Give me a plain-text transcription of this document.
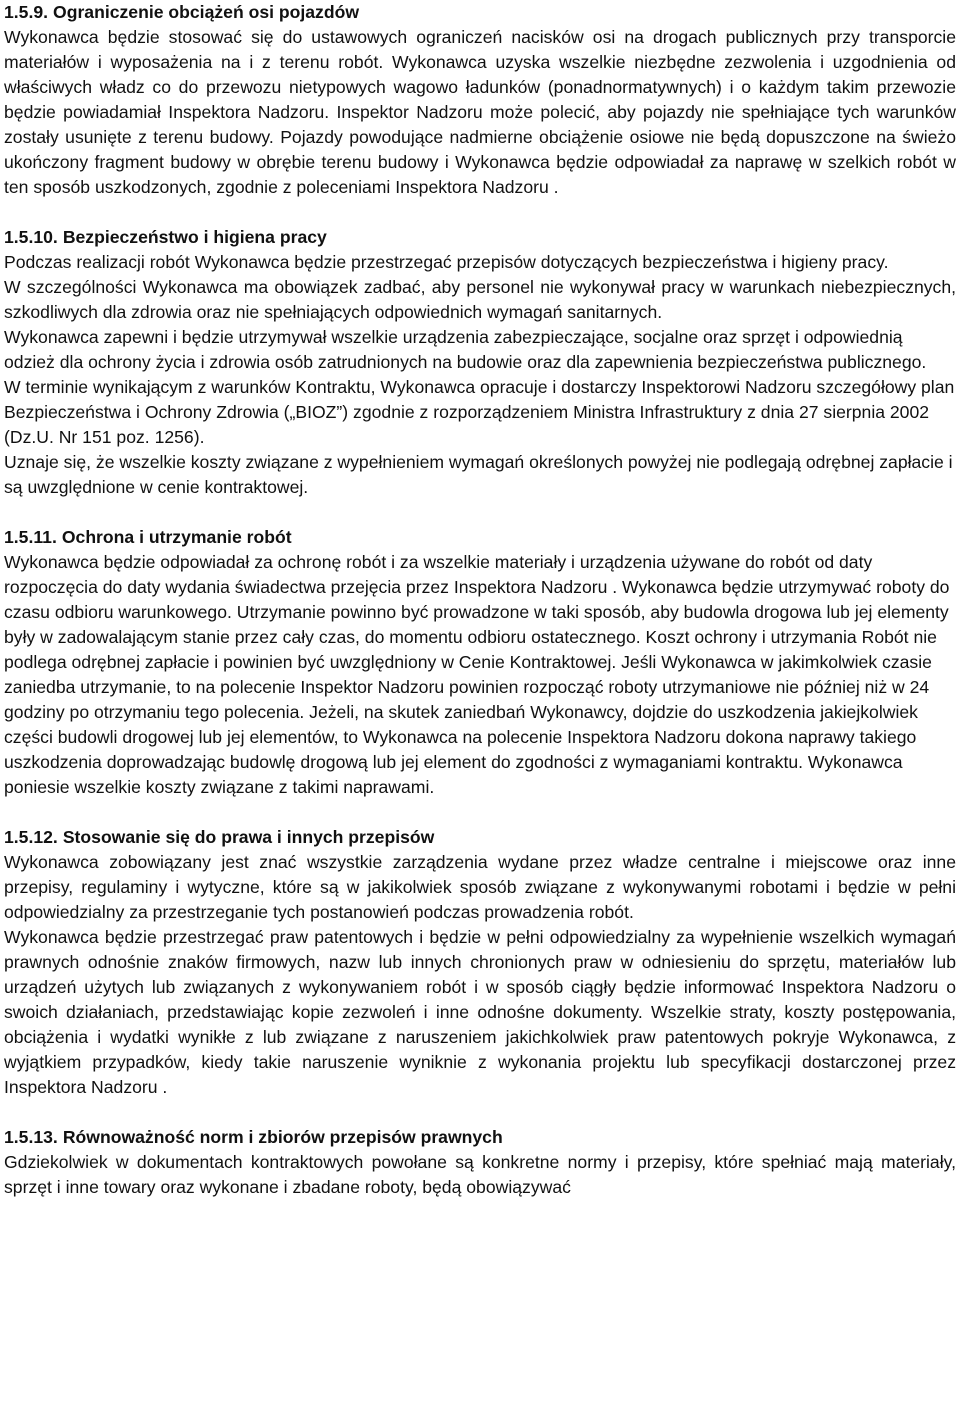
1.5.9. Ograniczenie obciążeń osi pojazdów

Wykonawca będzie stosować się do ustawowych ograniczeń nacisków osi na drogach publicznych przy transporcie materiałów i wyposażenia na i z terenu robót. Wykonawca uzyska wszelkie niezbędne zezwolenia i uzgodnienia od właściwych władz co do przewozu nietypowych wagowo ładunków (ponadnormatywnych) i o każdym takim przewozie będzie powiadamiał Inspektora Nadzoru. Inspektor Nadzoru może polecić, aby pojazdy nie spełniające tych warunków zostały usunięte z terenu budowy. Pojazdy powodujące nadmierne obciążenie osiowe nie będą dopuszczone na świeżo ukończony fragment budowy w obrębie terenu budowy i Wykonawca będzie odpowiadał za naprawę w szelkich robót w ten sposób uszkodzonych, zgodnie z poleceniami Inspektora Nadzoru .

1.5.10. Bezpieczeństwo i higiena pracy

Podczas realizacji robót Wykonawca będzie przestrzegać przepisów dotyczących bezpieczeństwa i higieny pracy.

W szczególności Wykonawca ma obowiązek zadbać, aby personel nie wykonywał pracy w warunkach niebezpiecznych, szkodliwych dla zdrowia oraz nie spełniających odpowiednich wymagań sanitarnych.

Wykonawca zapewni i będzie utrzymywał wszelkie urządzenia zabezpieczające, socjalne oraz sprzęt i odpowiednią odzież dla ochrony życia i zdrowia osób zatrudnionych na budowie oraz dla zapewnienia bezpieczeństwa publicznego.

W terminie wynikającym z warunków Kontraktu, Wykonawca opracuje i dostarczy Inspektorowi Nadzoru szczegółowy plan Bezpieczeństwa i Ochrony Zdrowia („BIOZ”) zgodnie z rozporządzeniem Ministra Infrastruktury z dnia 27 sierpnia 2002 (Dz.U. Nr 151 poz. 1256).

Uznaje się, że wszelkie koszty związane z wypełnieniem wymagań określonych powyżej nie podlegają odrębnej zapłacie i są uwzględnione w cenie kontraktowej.

1.5.11. Ochrona i utrzymanie robót

Wykonawca będzie odpowiadał za ochronę robót i za wszelkie materiały i urządzenia używane do robót od daty rozpoczęcia do daty wydania świadectwa przejęcia przez Inspektora Nadzoru . Wykonawca będzie utrzymywać roboty do czasu odbioru warunkowego. Utrzymanie powinno być prowadzone w taki sposób, aby budowla drogowa lub jej elementy były w zadowalającym stanie przez cały czas, do momentu odbioru ostatecznego. Koszt ochrony i utrzymania Robót nie podlega odrębnej zapłacie i powinien być uwzględniony w Cenie Kontraktowej. Jeśli Wykonawca w jakimkolwiek czasie zaniedba utrzymanie, to na polecenie Inspektor Nadzoru powinien rozpocząć roboty utrzymaniowe nie później niż w 24 godziny po otrzymaniu tego polecenia. Jeżeli, na skutek zaniedbań Wykonawcy, dojdzie do uszkodzenia jakiejkolwiek części budowli drogowej lub jej elementów, to Wykonawca na polecenie Inspektora Nadzoru dokona naprawy takiego uszkodzenia doprowadzając budowlę drogową lub jej element do zgodności z wymaganiami kontraktu. Wykonawca poniesie wszelkie koszty związane z takimi naprawami.

1.5.12. Stosowanie się do prawa i innych przepisów

Wykonawca zobowiązany jest znać wszystkie zarządzenia wydane przez władze centralne i miejscowe oraz inne przepisy, regulaminy i wytyczne, które są w jakikolwiek sposób związane z wykonywanymi robotami i będzie w pełni odpowiedzialny za przestrzeganie tych postanowień podczas prowadzenia robót.

Wykonawca będzie przestrzegać praw patentowych i będzie w pełni odpowiedzialny za wypełnienie wszelkich wymagań prawnych odnośnie znaków firmowych, nazw lub innych chronionych praw w odniesieniu do sprzętu, materiałów lub urządzeń użytych lub związanych z wykonywaniem robót i w sposób ciągły będzie informować Inspektora Nadzoru o swoich działaniach, przedstawiając kopie zezwoleń i inne odnośne dokumenty. Wszelkie straty, koszty postępowania, obciążenia i wydatki wynikłe z lub związane z naruszeniem jakichkolwiek praw patentowych pokryje Wykonawca, z wyjątkiem przypadków, kiedy takie naruszenie wyniknie z wykonania projektu lub specyfikacji dostarczonej przez Inspektora Nadzoru .

1.5.13. Równoważność norm i zbiorów przepisów prawnych

Gdziekolwiek w dokumentach kontraktowych powołane są konkretne normy i przepisy, które spełniać mają materiały, sprzęt i inne towary oraz wykonane i zbadane roboty, będą obowiązywać
